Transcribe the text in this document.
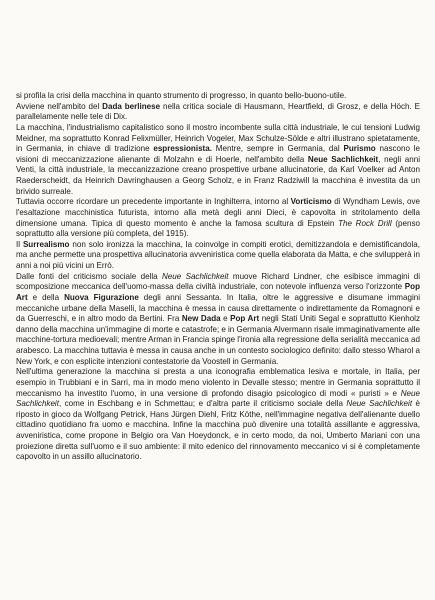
si profila la crisi della macchina in quanto strumento di progresso, in quanto bello-buono-utile.

Avviene nell'ambito del Dada berlinese nella critica sociale di Hausmann, Heartfield, di Grosz, e della Höch. E parallelamente nelle tele di Dix.

La macchina, l'industrialismo capitalistico sono il mostro incombente sulla città industriale, le cui tensioni Ludwig Meidner, ma soprattutto Konrad Felixmüller, Heinrich Vogeler, Max Schulze-Sölde e altri illustrano spietatamente, in Germania, in chiave di tradizione espressionista. Mentre, sempre in Germania, dal Purismo nascono le visioni di meccanizzazione alienante di Molzahn e di Hoerle, nell'ambito della Neue Sachlichkeit, negli anni Venti, la città industriale, la meccanizzazione creano prospettive urbane allucinatorie, da Karl Voelker ad Anton Raederscheidt, da Heinrich Davringhausen a Georg Scholz, e in Franz Radziwill la macchina è investita da un brivido surreale.

Tuttavia occorre ricordare un precedente importante in Inghilterra, intorno al Vorticismo di Wyndham Lewis, ove l'esaltazione macchinistica futurista, intorno alla metà degli anni Dieci, è capovolta in stritolamento della dimensione umana. Tipica di questo momento è anche la famosa scultura di Epstein The Rock Drill (penso soprattutto alla versione più completa, del 1915).

Il Surrealismo non solo ironizza la macchina, la coinvolge in compiti erotici, demitizzandola e demistificandola, ma anche permette una prospettiva allucinatoria avveniristica come quella elaborata da Matta, e che svilupperà in anni a noi più vicini un Errò.

Dalle fonti del criticismo sociale della Neue Sachlichkeit muove Richard Lindner, che esibisce immagini di scomposizione meccanica dell'uomo-massa della civiltà industriale, con notevole influenza verso l'orizzonte Pop Art e della Nuova Figurazione degli anni Sessanta. In Italia, oltre le aggressive e disumane immagini meccaniche urbane della Maselli, la macchina è messa in causa direttamente o indirettamente da Romagnoni e da Guerreschi, e in altro modo da Bertini. Fra New Dada e Pop Art negli Stati Uniti Segal e soprattutto Kienholz danno della macchina un'immagine di morte e catastrofe; e in Germania Alvermann risale immaginativamente alle macchine-tortura medioevali; mentre Arman in Francia spinge l'ironia alla regressione della serialità meccanica ad arabesco. La macchina tuttavia è messa in causa anche in un contesto sociologico definito: dallo stesso Wharol a New York, e con esplicite intenzioni contestatorie da Voostell in Germania.

Nell'ultima generazione la macchina si presta a una iconografia emblematica lesiva e mortale, in Italia, per esempio in Trubbiani e in Sarri, ma in modo meno violento in Devalle stesso; mentre in Germania soprattutto il meccanismo ha investito l'uomo, in una versione di profondo disagio psicologico di modi « puristi » e Neue Sachlichkeit, come in Eschbang e in Schmettau; e d'altra parte il criticismo sociale della Neue Sachlichkeit è riposto in gioco da Wolfgang Petrick, Hans Jürgen Diehl, Fritz Köthe, nell'immagine negativa dell'alienante duello cittadino quotidiano fra uomo e macchina. Infine la macchina può divenire una totalità assillante e aggressiva, avveniristica, come propone in Belgio ora Van Hoeydonck, e in certo modo, da noi, Umberto Mariani con una proiezione diretta sull'uomo e il suo ambiente: il mito edenico del rinnovamento meccanico vi si è completamente capovolto in un assillo allucinatorio.
